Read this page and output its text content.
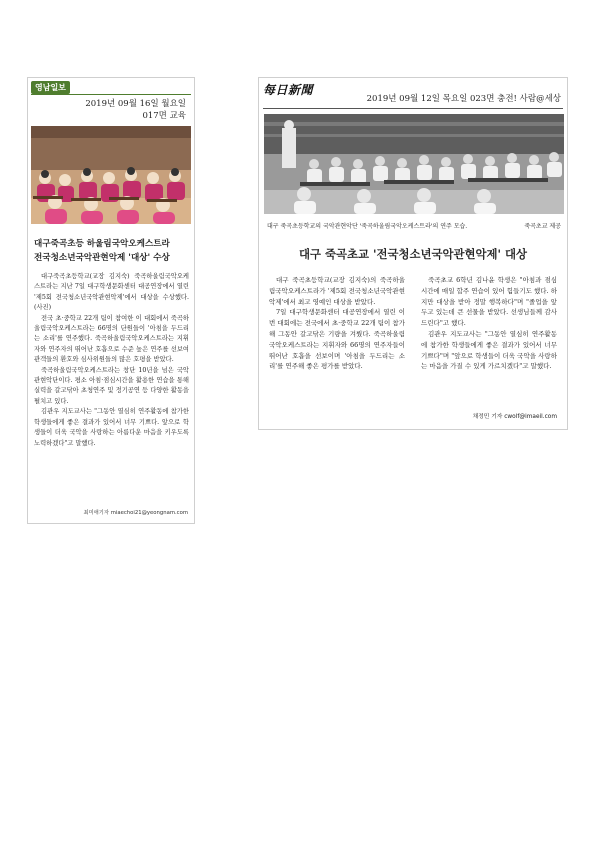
영남일보
2019년 09월 16일 월요일
017면 교육
대구죽곡초등 하울림국악오케스트라
전국청소년국악관현악제 '대상' 수상

대구죽곡초등학교(교장 김지숙) 죽곡하울림국악오케스트라는 지난 7일 대구학생문화센터 대공연장에서 열린 '제5회 전국청소년국악관현악제'에서 대상을 수상했다.(사진)

전국 초·중학교 22개 팀이 참여한 이 대회에서 죽곡하울림국악오케스트라는 66명의 단원들이 '아침을 두드리는 소리'를 연주했다. 죽곡하울림국악오케스트라는 지휘자와 연주자의 뛰어난 호흡으로 수준 높은 연주를 선보여 관객들의 환호와 심사위원들의 많은 호평을 받았다.

죽곡하울림국악오케스트라는 창단 10년을 넘은 국악관현악단이다. 평소 아침·점심시간을 활용한 연습을 통해 실력을 갈고닦아 초청연주 및 정기공연 등 다양한 활동을 펼치고 있다.

김관우 지도교사는 "그동안 열심히 연주활동에 참가한 학생들에게 좋은 결과가 있어서 너무 기쁘다. 앞으로 학생들이 더욱 국악을 사랑하는 아름다운 마음을 키우도록 노력하겠다"고 말했다.

최미애기자 miaechoi21@yeongnam.com
每日新聞
2019년 09월 12일 목요일 023면 충전! 사람@세상
대구 죽곡초등학교의 국악관현악단 '죽곡하울림국악오케스트라'의 연주 모습.	죽곡초교 제공
대구 죽곡초교 '전국청소년국악관현악제' 대상

대구 죽곡초등학교(교장 김지숙)의 죽곡하울림국악오케스트라가 '제5회 전국청소년국악관현악제'에서 최고 영예인 대상을 받았다.

7일 대구학생문화센터 대공연장에서 열린 이번 대회에는 전국에서 초·중학교 22개 팀이 참가해 그동안 갈고닦은 기량을 겨뤘다. 죽곡하울림국악오케스트라는 지휘자와 66명의 연주자들이 뛰어난 호흡을 선보이며 '아침을 두드리는 소리'를 연주해 좋은 평가를 받았다.

죽곡초교 6학년 김나윤 학생은 "아침과 점심시간에 매일 합주 연습이 있어 힘들기도 했다. 하지만 대상을 받아 정말 행복하다"며 "졸업을 앞두고 있는데 큰 선물을 받았다. 선생님들께 감사드린다"고 했다.

김관우 지도교사는 "그동안 열심히 연주활동에 참가한 학생들에게 좋은 결과가 있어서 너무 기쁘다"며 "앞으로 학생들이 더욱 국악을 사랑하는 마음을 가질 수 있게 가르치겠다"고 말했다.

채정민 기자 cwolf@imaeil.com
